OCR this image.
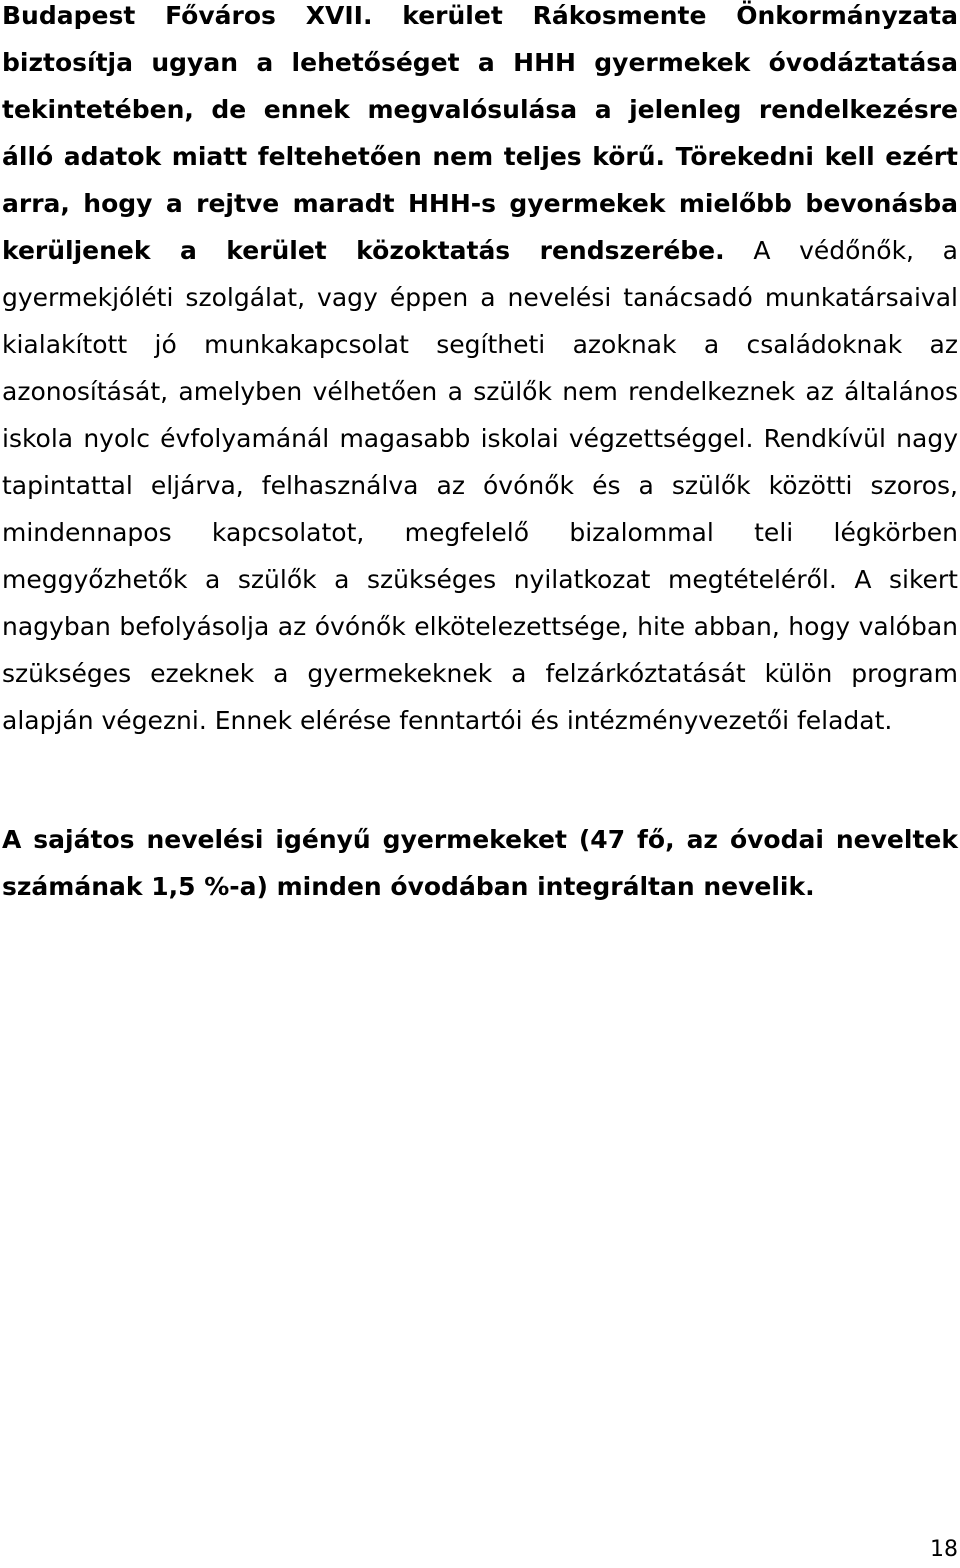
Budapest Főváros XVII. kerület Rákosmente Önkormányzata biztosítja ugyan a lehetőséget a HHH gyermekek óvodáztatása tekintetében, de ennek megvalósulása a jelenleg rendelkezésre álló adatok miatt feltehetően nem teljes körű. Törekedni kell ezért arra, hogy a rejtve maradt HHH-s gyermekek mielőbb bevonásba kerüljenek a kerület közoktatás rendszerébe. A védőnők, a gyermekjóléti szolgálat, vagy éppen a nevelési tanácsadó munkatársaival kialakított jó munkakapcsolat segítheti azoknak a családoknak az azonosítását, amelyben vélhetően a szülők nem rendelkeznek az általános iskola nyolc évfolyamánál magasabb iskolai végzettséggel. Rendkívül nagy tapintattal eljárva, felhasználva az óvónők és a szülők közötti szoros, mindennapos kapcsolatot, megfelelő bizalommal teli légkörben meggyőzhetők a szülők a szükséges nyilatkozat megtételéről. A sikert nagyban befolyásolja az óvónők elkötelezettsége, hite abban, hogy valóban szükséges ezeknek a gyermekeknek a felzárkóztatását külön program alapján végezni. Ennek elérése fenntartói és intézményvezetői feladat.

A sajátos nevelési igényű gyermekeket (47 fő, az óvodai neveltek számának 1,5 %-a) minden óvodában integráltan nevelik.

18
